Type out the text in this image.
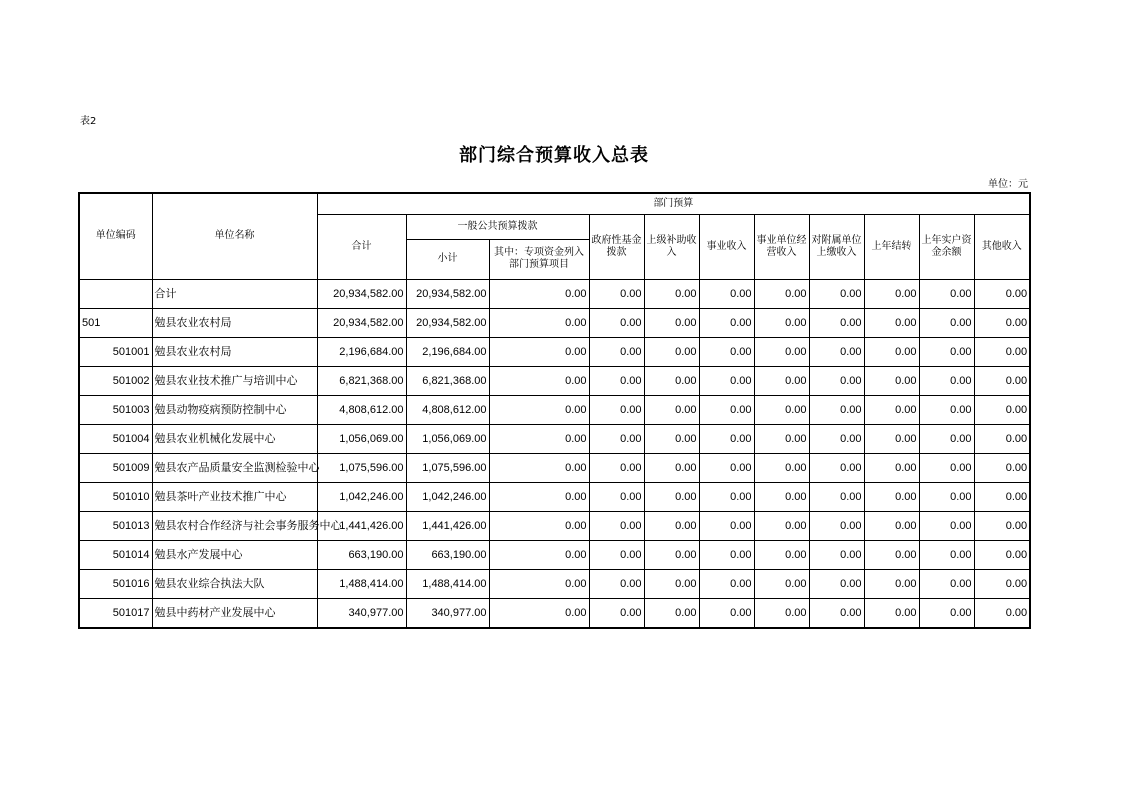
表2
部门综合预算收入总表
单位：元
单位编码	单位名称	部门预算										
		合计	一般公共预算拨款		政府性基金拨款	上级补助收入	事业收入	事业单位经营收入	对附属单位上缴收入	上年结转	上年实户资金余额	其他收入
			小计	其中：专项资金列入部门预算项目								
	合计	20,934,582.00	20,934,582.00	0.00	0.00	0.00	0.00	0.00	0.00	0.00	0.00	0.00
501	勉县农业农村局	20,934,582.00	20,934,582.00	0.00	0.00	0.00	0.00	0.00	0.00	0.00	0.00	0.00
501001	勉县农业农村局	2,196,684.00	2,196,684.00	0.00	0.00	0.00	0.00	0.00	0.00	0.00	0.00	0.00
501002	勉县农业技术推广与培训中心	6,821,368.00	6,821,368.00	0.00	0.00	0.00	0.00	0.00	0.00	0.00	0.00	0.00
501003	勉县动物疫病预防控制中心	4,808,612.00	4,808,612.00	0.00	0.00	0.00	0.00	0.00	0.00	0.00	0.00	0.00
501004	勉县农业机械化发展中心	1,056,069.00	1,056,069.00	0.00	0.00	0.00	0.00	0.00	0.00	0.00	0.00	0.00
501009	勉县农产品质量安全监测检验中心	1,075,596.00	1,075,596.00	0.00	0.00	0.00	0.00	0.00	0.00	0.00	0.00	0.00
501010	勉县茶叶产业技术推广中心	1,042,246.00	1,042,246.00	0.00	0.00	0.00	0.00	0.00	0.00	0.00	0.00	0.00
501013	勉县农村合作经济与社会事务服务中心	1,441,426.00	1,441,426.00	0.00	0.00	0.00	0.00	0.00	0.00	0.00	0.00	0.00
501014	勉县水产发展中心	663,190.00	663,190.00	0.00	0.00	0.00	0.00	0.00	0.00	0.00	0.00	0.00
501016	勉县农业综合执法大队	1,488,414.00	1,488,414.00	0.00	0.00	0.00	0.00	0.00	0.00	0.00	0.00	0.00
501017	勉县中药材产业发展中心	340,977.00	340,977.00	0.00	0.00	0.00	0.00	0.00	0.00	0.00	0.00	0.00
